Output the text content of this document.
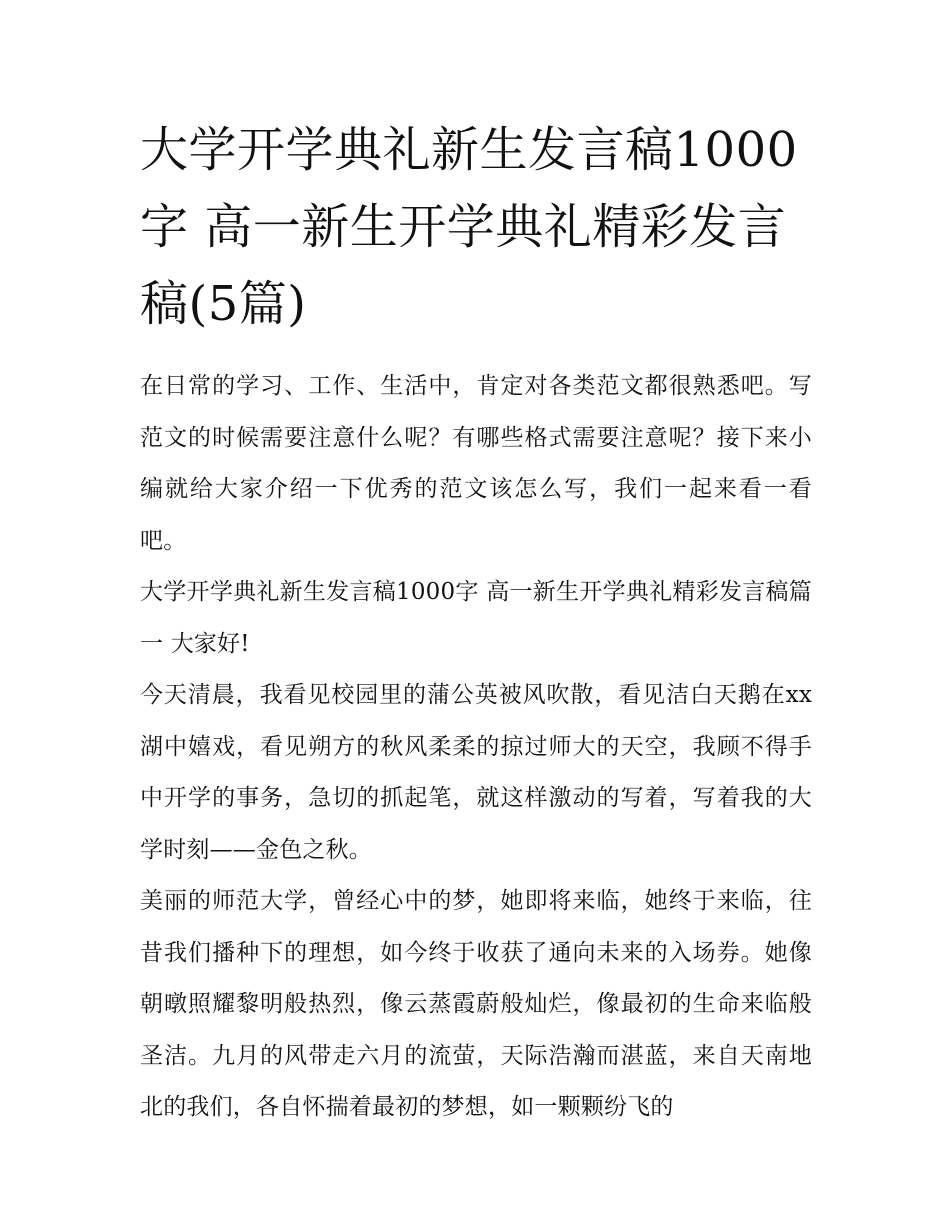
大学开学典礼新生发言稿1000字 高一新生开学典礼精彩发言稿(5篇)

在日常的学习、工作、生活中，肯定对各类范文都很熟悉吧。写范文的时候需要注意什么呢？有哪些格式需要注意呢？接下来小编就给大家介绍一下优秀的范文该怎么写，我们一起来看一看吧。

大学开学典礼新生发言稿1000字 高一新生开学典礼精彩发言稿篇一 大家好!

今天清晨，我看见校园里的蒲公英被风吹散，看见洁白天鹅在xx湖中嬉戏，看见朔方的秋风柔柔的掠过师大的天空，我顾不得手中开学的事务，急切的抓起笔，就这样激动的写着，写着我的大学时刻——金色之秋。

美丽的师范大学，曾经心中的梦，她即将来临，她终于来临，往昔我们播种下的理想，如今终于收获了通向未来的入场券。她像朝暾照耀黎明般热烈，像云蒸霞蔚般灿烂，像最初的生命来临般圣洁。九月的风带走六月的流萤，天际浩瀚而湛蓝，来自天南地北的我们，各自怀揣着最初的梦想，如一颗颗纷飞的
